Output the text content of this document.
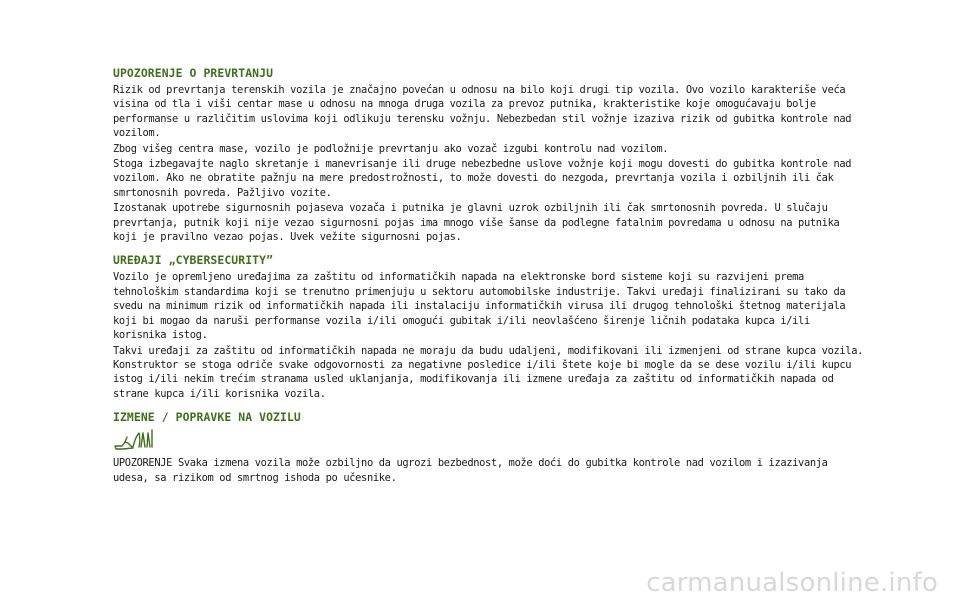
UPOZORENJE O PREVRTANJU

Rizik od prevrtanja terenskih vozila je značajno povećan u odnosu na bilo koji drugi tip vozila. Ovo vozilo karakteriše veća visina od tla i viši centar mase u odnosu na mnoga druga vozila za prevoz putnika, krakteristike koje omogućavaju bolje performanse u različitim uslovima koji odlikuju terensku vožnju. Nebezbedan stil vožnje izaziva rizik od gubitka kontrole nad vozilom.

Zbog višeg centra mase, vozilo je podložnije prevrtanju ako vozač izgubi kontrolu nad vozilom.

Stoga izbegavajte naglo skretanje i manevrisanje ili druge nebezbedne uslove vožnje koji mogu dovesti do gubitka kontrole nad vozilom. Ako ne obratite pažnju na mere predostrožnosti, to može dovesti do nezgoda, prevrtanja vozila i ozbiljnih ili čak smrtonosnih povreda. Pažljivo vozite.

Izostanak upotrebe sigurnosnih pojaseva vozača i putnika je glavni uzrok ozbiljnih ili čak smrtonosnih povreda. U slučaju prevrtanja, putnik koji nije vezao sigurnosni pojas ima mnogo više šanse da podlegne fatalnim povredama u odnosu na putnika koji je pravilno vezao pojas. Uvek vežite sigurnosni pojas.

UREĐAJI „CYBERSECURITY”

Vozilo je opremljeno uređajima za zaštitu od informatičkih napada na elektronske bord sisteme koji su razvijeni prema tehnološkim standardima koji se trenutno primenjuju u sektoru automobilske industrije. Takvi uređaji finalizirani su tako da svedu na minimum rizik od informatičkih napada ili instalaciju informatičkih virusa ili drugog tehnološki štetnog materijala koji bi mogao da naruši performanse vozila i/ili omogući gubitak i/ili neovlašćeno širenje ličnih podataka kupca i/ili korisnika istog.

Takvi uređaji za zaštitu od informatičkih napada ne moraju da budu udaljeni, modifikovani ili izmenjeni od strane kupca vozila. Konstruktor se stoga odriče svake odgovornosti za negativne posledice i/ili štete koje bi mogle da se dese vozilu i/ili kupcu istog i/ili nekim trećim stranama usled uklanjanja, modifikovanja ili izmene uređaja za zaštitu od informatičkih napada od strane kupca i/ili korisnika vozila.

IZMENE / POPRAVKE NA VOZILU

UPOZORENJE Svaka izmena vozila može ozbiljno da ugrozi bezbednost, može doći do gubitka kontrole nad vozilom i izazivanja udesa, sa rizikom od smrtnog ishoda po učesnike.

carmanualsonline.info
